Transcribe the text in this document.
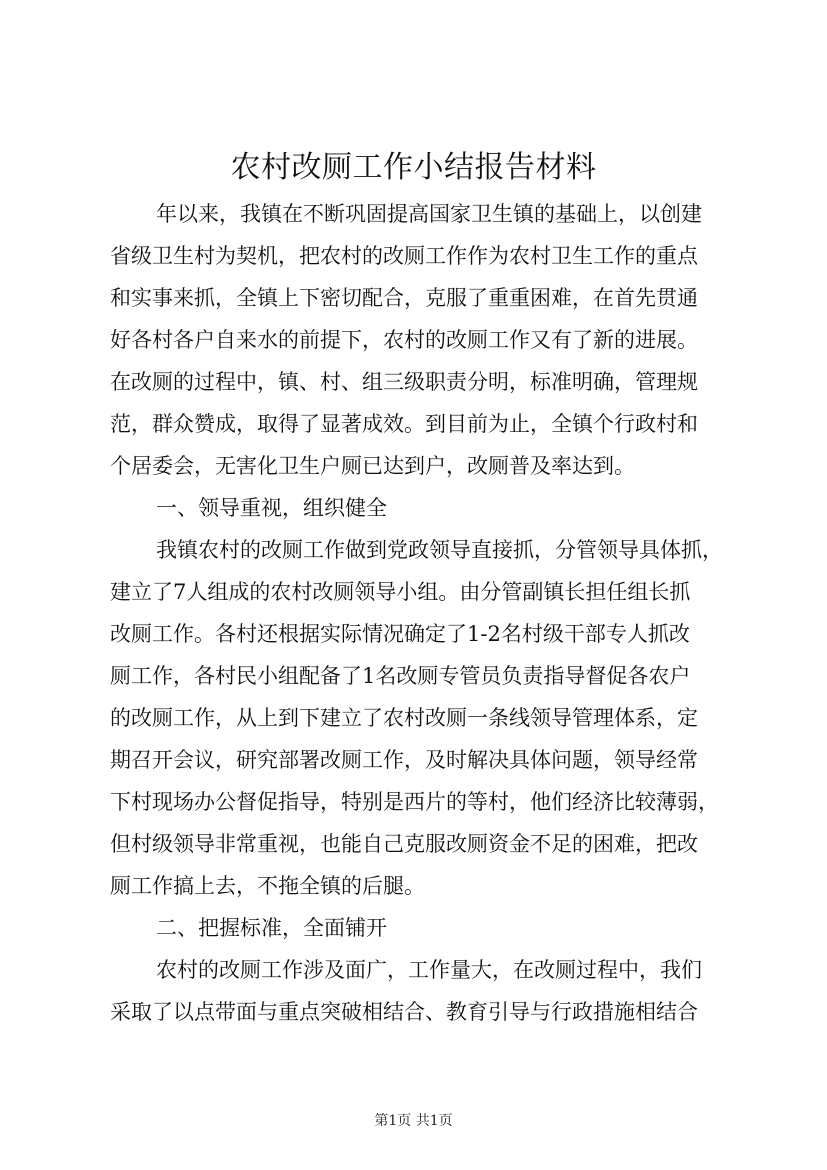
农村改厕工作小结报告材料
年以来，我镇在不断巩固提高国家卫生镇的基础上，以创建
省级卫生村为契机，把农村的改厕工作作为农村卫生工作的重点
和实事来抓，全镇上下密切配合，克服了重重困难，在首先贯通
好各村各户自来水的前提下，农村的改厕工作又有了新的进展。
在改厕的过程中，镇、村、组三级职责分明，标准明确，管理规
范，群众赞成，取得了显著成效。到目前为止，全镇个行政村和
个居委会，无害化卫生户厕已达到户，改厕普及率达到。
一、领导重视，组织健全
我镇农村的改厕工作做到党政领导直接抓，分管领导具体抓，
建立了7人组成的农村改厕领导小组。由分管副镇长担任组长抓
改厕工作。各村还根据实际情况确定了1-2名村级干部专人抓改
厕工作，各村民小组配备了1名改厕专管员负责指导督促各农户
的改厕工作，从上到下建立了农村改厕一条线领导管理体系，定
期召开会议，研究部署改厕工作，及时解决具体问题，领导经常
下村现场办公督促指导，特别是西片的等村，他们经济比较薄弱，
但村级领导非常重视，也能自己克服改厕资金不足的困难，把改
厕工作搞上去，不拖全镇的后腿。
二、把握标准，全面铺开
农村的改厕工作涉及面广，工作量大，在改厕过程中，我们
采取了以点带面与重点突破相结合、教育引导与行政措施相结合
第1页 共1页
